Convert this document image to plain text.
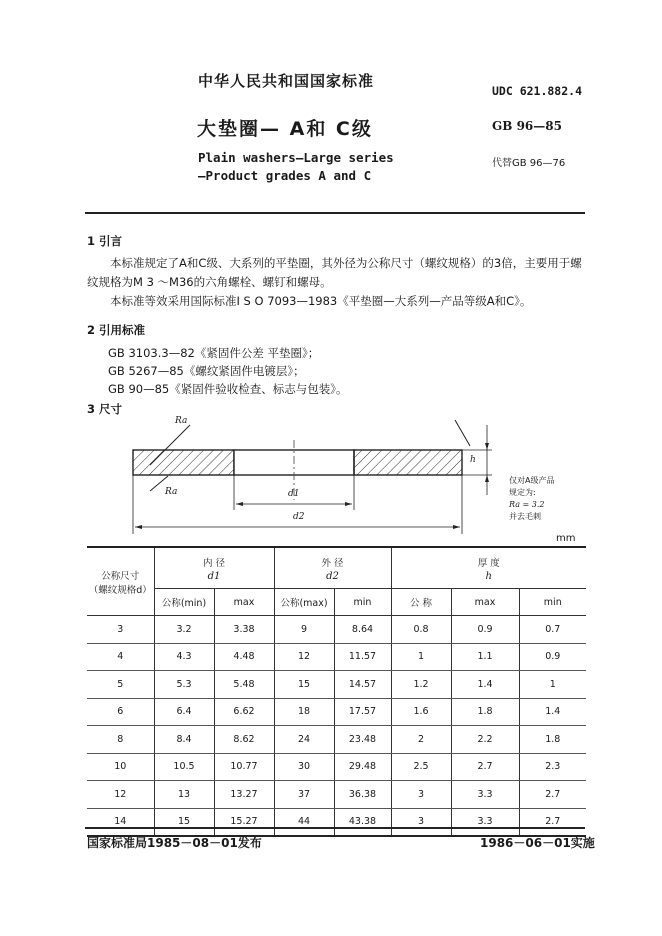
中华人民共和国国家标准
UDC 621.882.4
大垫圈— A和 C级	GB 96—85
Plain washers—Large series
—Product grades A and C
代替GB 96—76
1 引言

本标准规定了A和C级、大系列的平垫圈，其外径为公称尺寸（螺纹规格）的3倍，主要用于螺

纹规格为M 3 ～M36的六角螺栓、螺钉和螺母。

本标准等效采用国际标准I S O 7093—1983《平垫圈—大系列—产品等级A和C》。

2 引用标准

GB 3103.3—82《紧固件公差 平垫圈》；

GB 5267—85《螺纹紧固件电镀层》；

GB 90—85《紧固件验收检查、标志与包装》。

3 尺寸
Ra
Ra	d1
d2
h
仅对A级产品
规定为:
Ra = 3.2
并去毛刺
mm
公称尺寸
（螺纹规格d）	内 径
d1		外 径
d2		厚 度
h		

	公称(min)	max	公称(max)	min	公 称	max	min
3	3.2	3.38	9	8.64	0.8	0.9	0.7
4	4.3	4.48	12	11.57	1	1.1	0.9
5	5.3	5.48	15	14.57	1.2	1.4	1
6	6.4	6.62	18	17.57	1.6	1.8	1.4
8	8.4	8.62	24	23.48	2	2.2	1.8
10	10.5	10.77	30	29.48	2.5	2.7	2.3
12	13	13.27	37	36.38	3	3.3	2.7
14	15	15.27	44	43.38	3	3.3	2.7
国家标准局1985－08－01发布	1986－06－01实施
